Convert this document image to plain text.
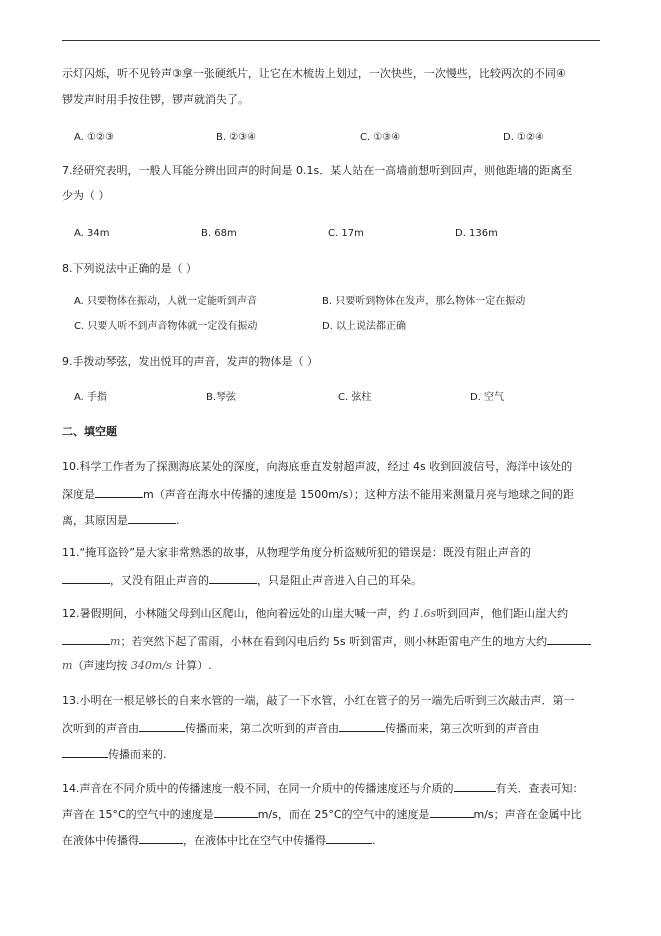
示灯闪烁，听不见铃声③拿一张硬纸片，让它在木梳齿上划过，一次快些，一次慢些，比较两次的不同④
锣发声时用手按住锣，锣声就消失了。
A. ①②③	B. ②③④	C. ①③④	D. ①②④
7.经研究表明，一般人耳能分辨出回声的时间是 0.1s．某人站在一高墙前想听到回声，则他距墙的距离至
少为（ ）
A. 34m	B. 68m	C. 17m	D. 136m
8.下列说法中正确的是（ ）
A. 只要物体在振动，人就一定能听到声音	B. 只要听到物体在发声，那么物体一定在振动
C. 只要人听不到声音物体就一定没有振动	D. 以上说法都正确
9.手拨动琴弦，发出悦耳的声音，发声的物体是（ ）
A. 手指	B.琴弦	C. 弦柱	D. 空气
二、填空题
10.科学工作者为了探测海底某处的深度，向海底垂直发射超声波，经过 4s 收到回波信号，海洋中该处的
深度是	m（声音在海水中传播的速度是 1500m/s）；这种方法不能用来测量月亮与地球之间的距
离，其原因是	.
11.“掩耳盗铃”是大家非常熟悉的故事，从物理学角度分析盗贼所犯的错误是：既没有阻止声音的
，又没有阻止声音的	，只是阻止声音进入自己的耳朵。
12.暑假期间，小林随父母到山区爬山，他向着远处的山崖大喊一声，约 1.6s听到回声，他们距山崖大约
m；若突然下起了雷雨，小林在看到闪电后约 5s 听到雷声，则小林距雷电产生的地方大约
m（声速均按 340m/s 计算）.
13.小明在一根足够长的自来水管的一端，敲了一下水管，小红在管子的另一端先后听到三次敲击声．第一
次听到的声音由	传播而来，第二次听到的声音由	传播而来，第三次听到的声音由
传播而来的.
14.声音在不同介质中的传播速度一般不同，在同一介质中的传播速度还与介质的	有关．查表可知：
声音在 15°C的空气中的速度是	m/s，而在 25°C的空气中的速度是	m/s；声音在金属中比
在液体中传播得	，在液体中比在空气中传播得	.
